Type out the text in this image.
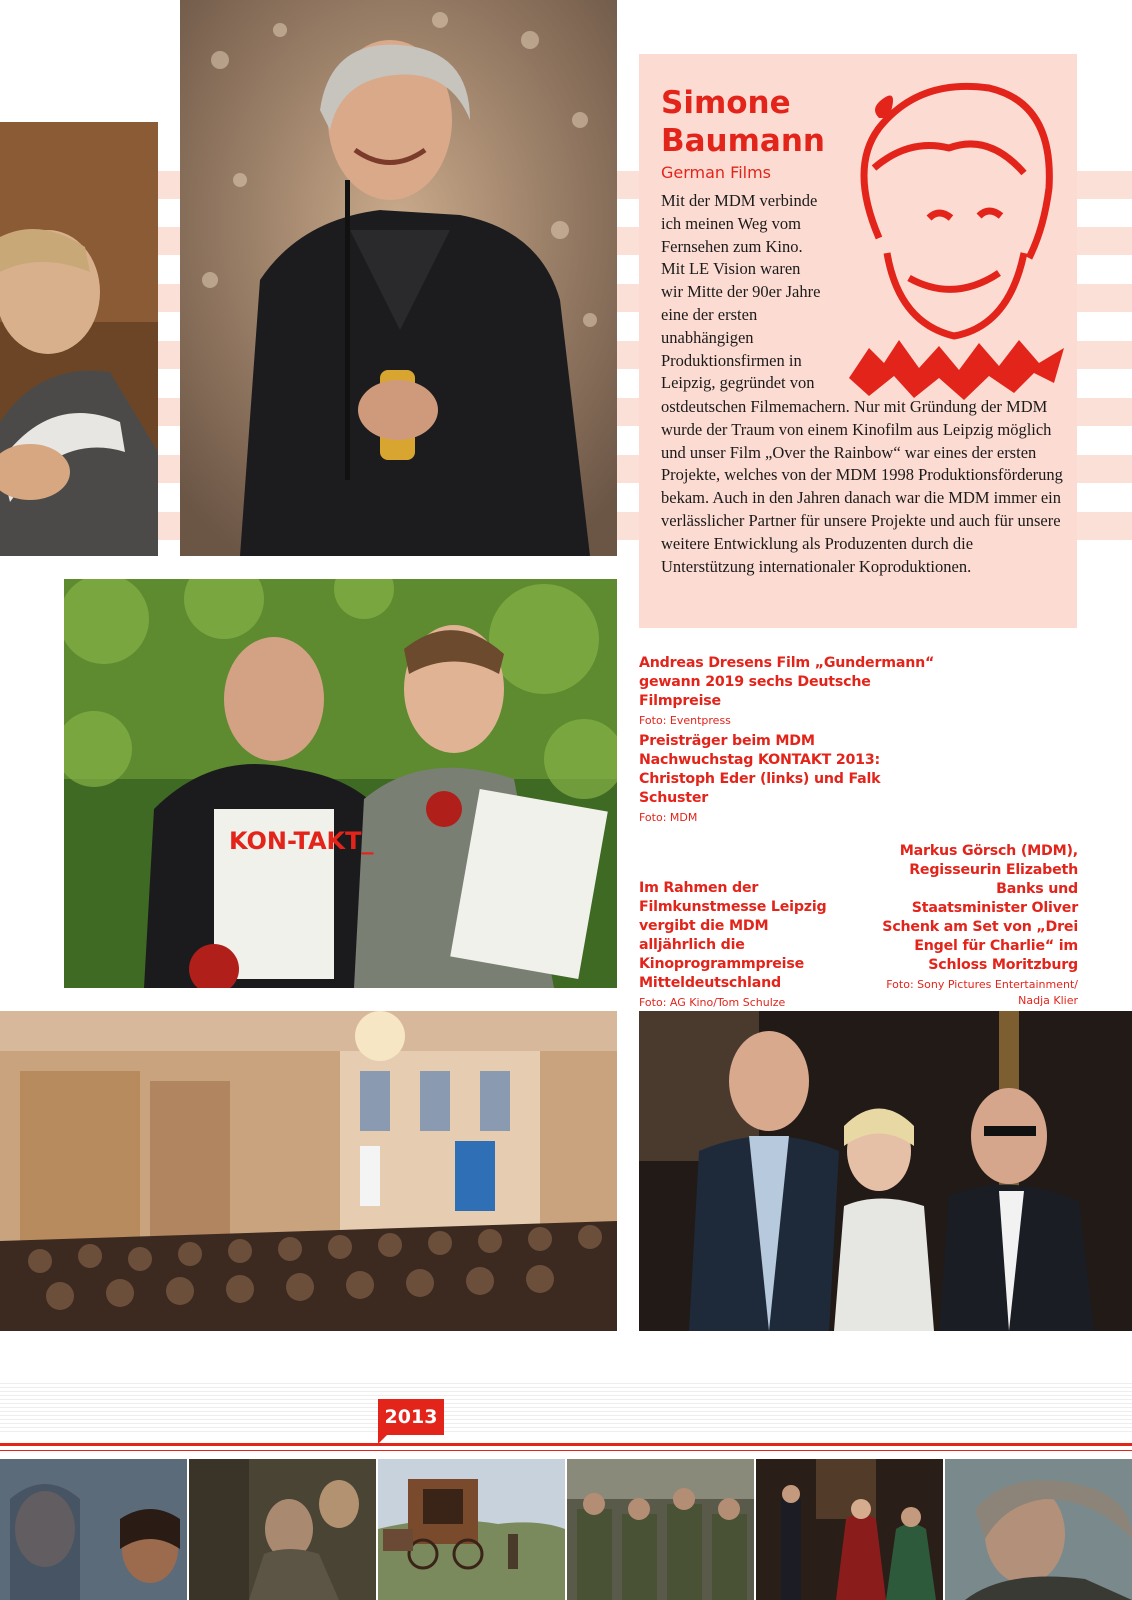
Simone
Baumann
German Films
Mit der MDM verbinde ich meinen Weg vom Fernsehen zum Kino. Mit LE Vision waren wir Mitte der 90er Jahre eine der ersten unabhängigen Produktionsfirmen in Leipzig, gegründet von
ostdeutschen Filmemachern. Nur mit Gründung der MDM wurde der Traum von einem Kinofilm aus Leipzig möglich und unser Film „Over the Rainbow“ war eines der ersten Projekte, welches von der MDM 1998 Produktionsförderung bekam. Auch in den Jahren danach war die MDM immer ein verlässlicher Partner für unsere Projekte und auch für unsere weitere Entwicklung als Produzenten durch die Unterstützung internationaler Koproduktionen.
KON-TAKT_
Andreas Dresens Film „Gundermann“ gewann 2019 sechs Deutsche Filmpreise
Foto: Eventpress
Preisträger beim MDM Nachwuchstag KONTAKT 2013: Christoph Eder (links) und Falk Schuster
Foto: MDM
Im Rahmen der Filmkunstmesse Leipzig vergibt die MDM alljährlich die Kinoprogrammpreise Mitteldeutschland
Foto: AG Kino/Tom Schulze
Markus Görsch (MDM), Regisseurin Elizabeth Banks und Staatsminister Oliver Schenk am Set von „Drei Engel für Charlie“ im Schloss Moritzburg
Foto: Sony Pictures Entertainment/ Nadja Klier
2013
